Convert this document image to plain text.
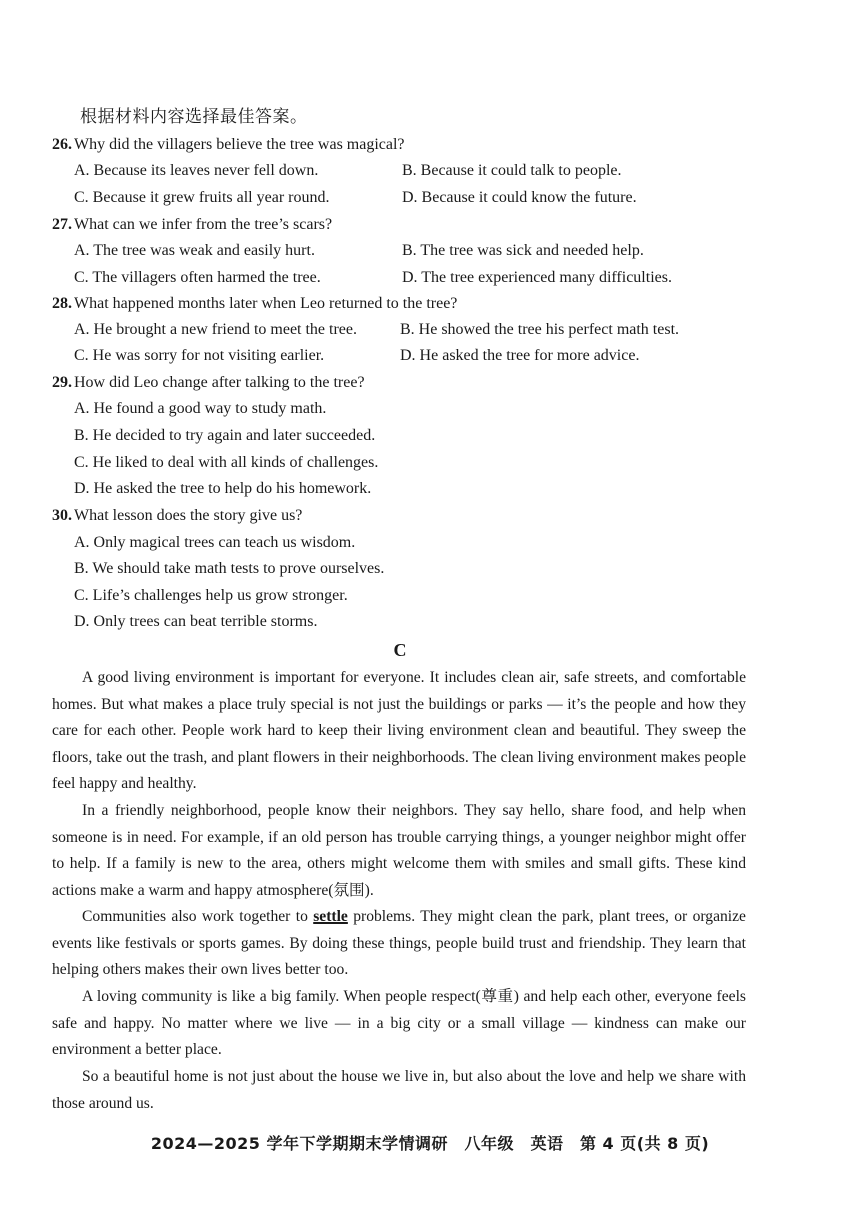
根据材料内容选择最佳答案。
26. Why did the villagers believe the tree was magical?
A. Because its leaves never fell down.	B. Because it could talk to people.
C. Because it grew fruits all year round.	D. Because it could know the future.
27. What can we infer from the tree’s scars?
A. The tree was weak and easily hurt.	B. The tree was sick and needed help.
C. The villagers often harmed the tree.	D. The tree experienced many difficulties.
28. What happened months later when Leo returned to the tree?
A. He brought a new friend to meet the tree.	B. He showed the tree his perfect math test.
C. He was sorry for not visiting earlier.	D. He asked the tree for more advice.
29. How did Leo change after talking to the tree?
A. He found a good way to study math.
B. He decided to try again and later succeeded.
C. He liked to deal with all kinds of challenges.
D. He asked the tree to help do his homework.
30. What lesson does the story give us?
A. Only magical trees can teach us wisdom.
B. We should take math tests to prove ourselves.
C. Life’s challenges help us grow stronger.
D. Only trees can beat terrible storms.
C
A good living environment is important for everyone. It includes clean air, safe streets, and comfortable homes. But what makes a place truly special is not just the buildings or parks — it’s the people and how they care for each other. People work hard to keep their living environment clean and beautiful. They sweep the floors, take out the trash, and plant flowers in their neighborhoods. The clean living environment makes people feel happy and healthy.
In a friendly neighborhood, people know their neighbors. They say hello, share food, and help when someone is in need. For example, if an old person has trouble carrying things, a younger neighbor might offer to help. If a family is new to the area, others might welcome them with smiles and small gifts. These kind actions make a warm and happy atmosphere(氛围).
Communities also work together to settle problems. They might clean the park, plant trees, or organize events like festivals or sports games. By doing these things, people build trust and friendship. They learn that helping others makes their own lives better too.
A loving community is like a big family. When people respect(尊重) and help each other, everyone feels safe and happy. No matter where we live — in a big city or a small village — kindness can make our environment a better place.
So a beautiful home is not just about the house we live in, but also about the love and help we share with those around us.
2024—2025 学年下学期期末学情调研　八年级　英语　第 4 页(共 8 页)
